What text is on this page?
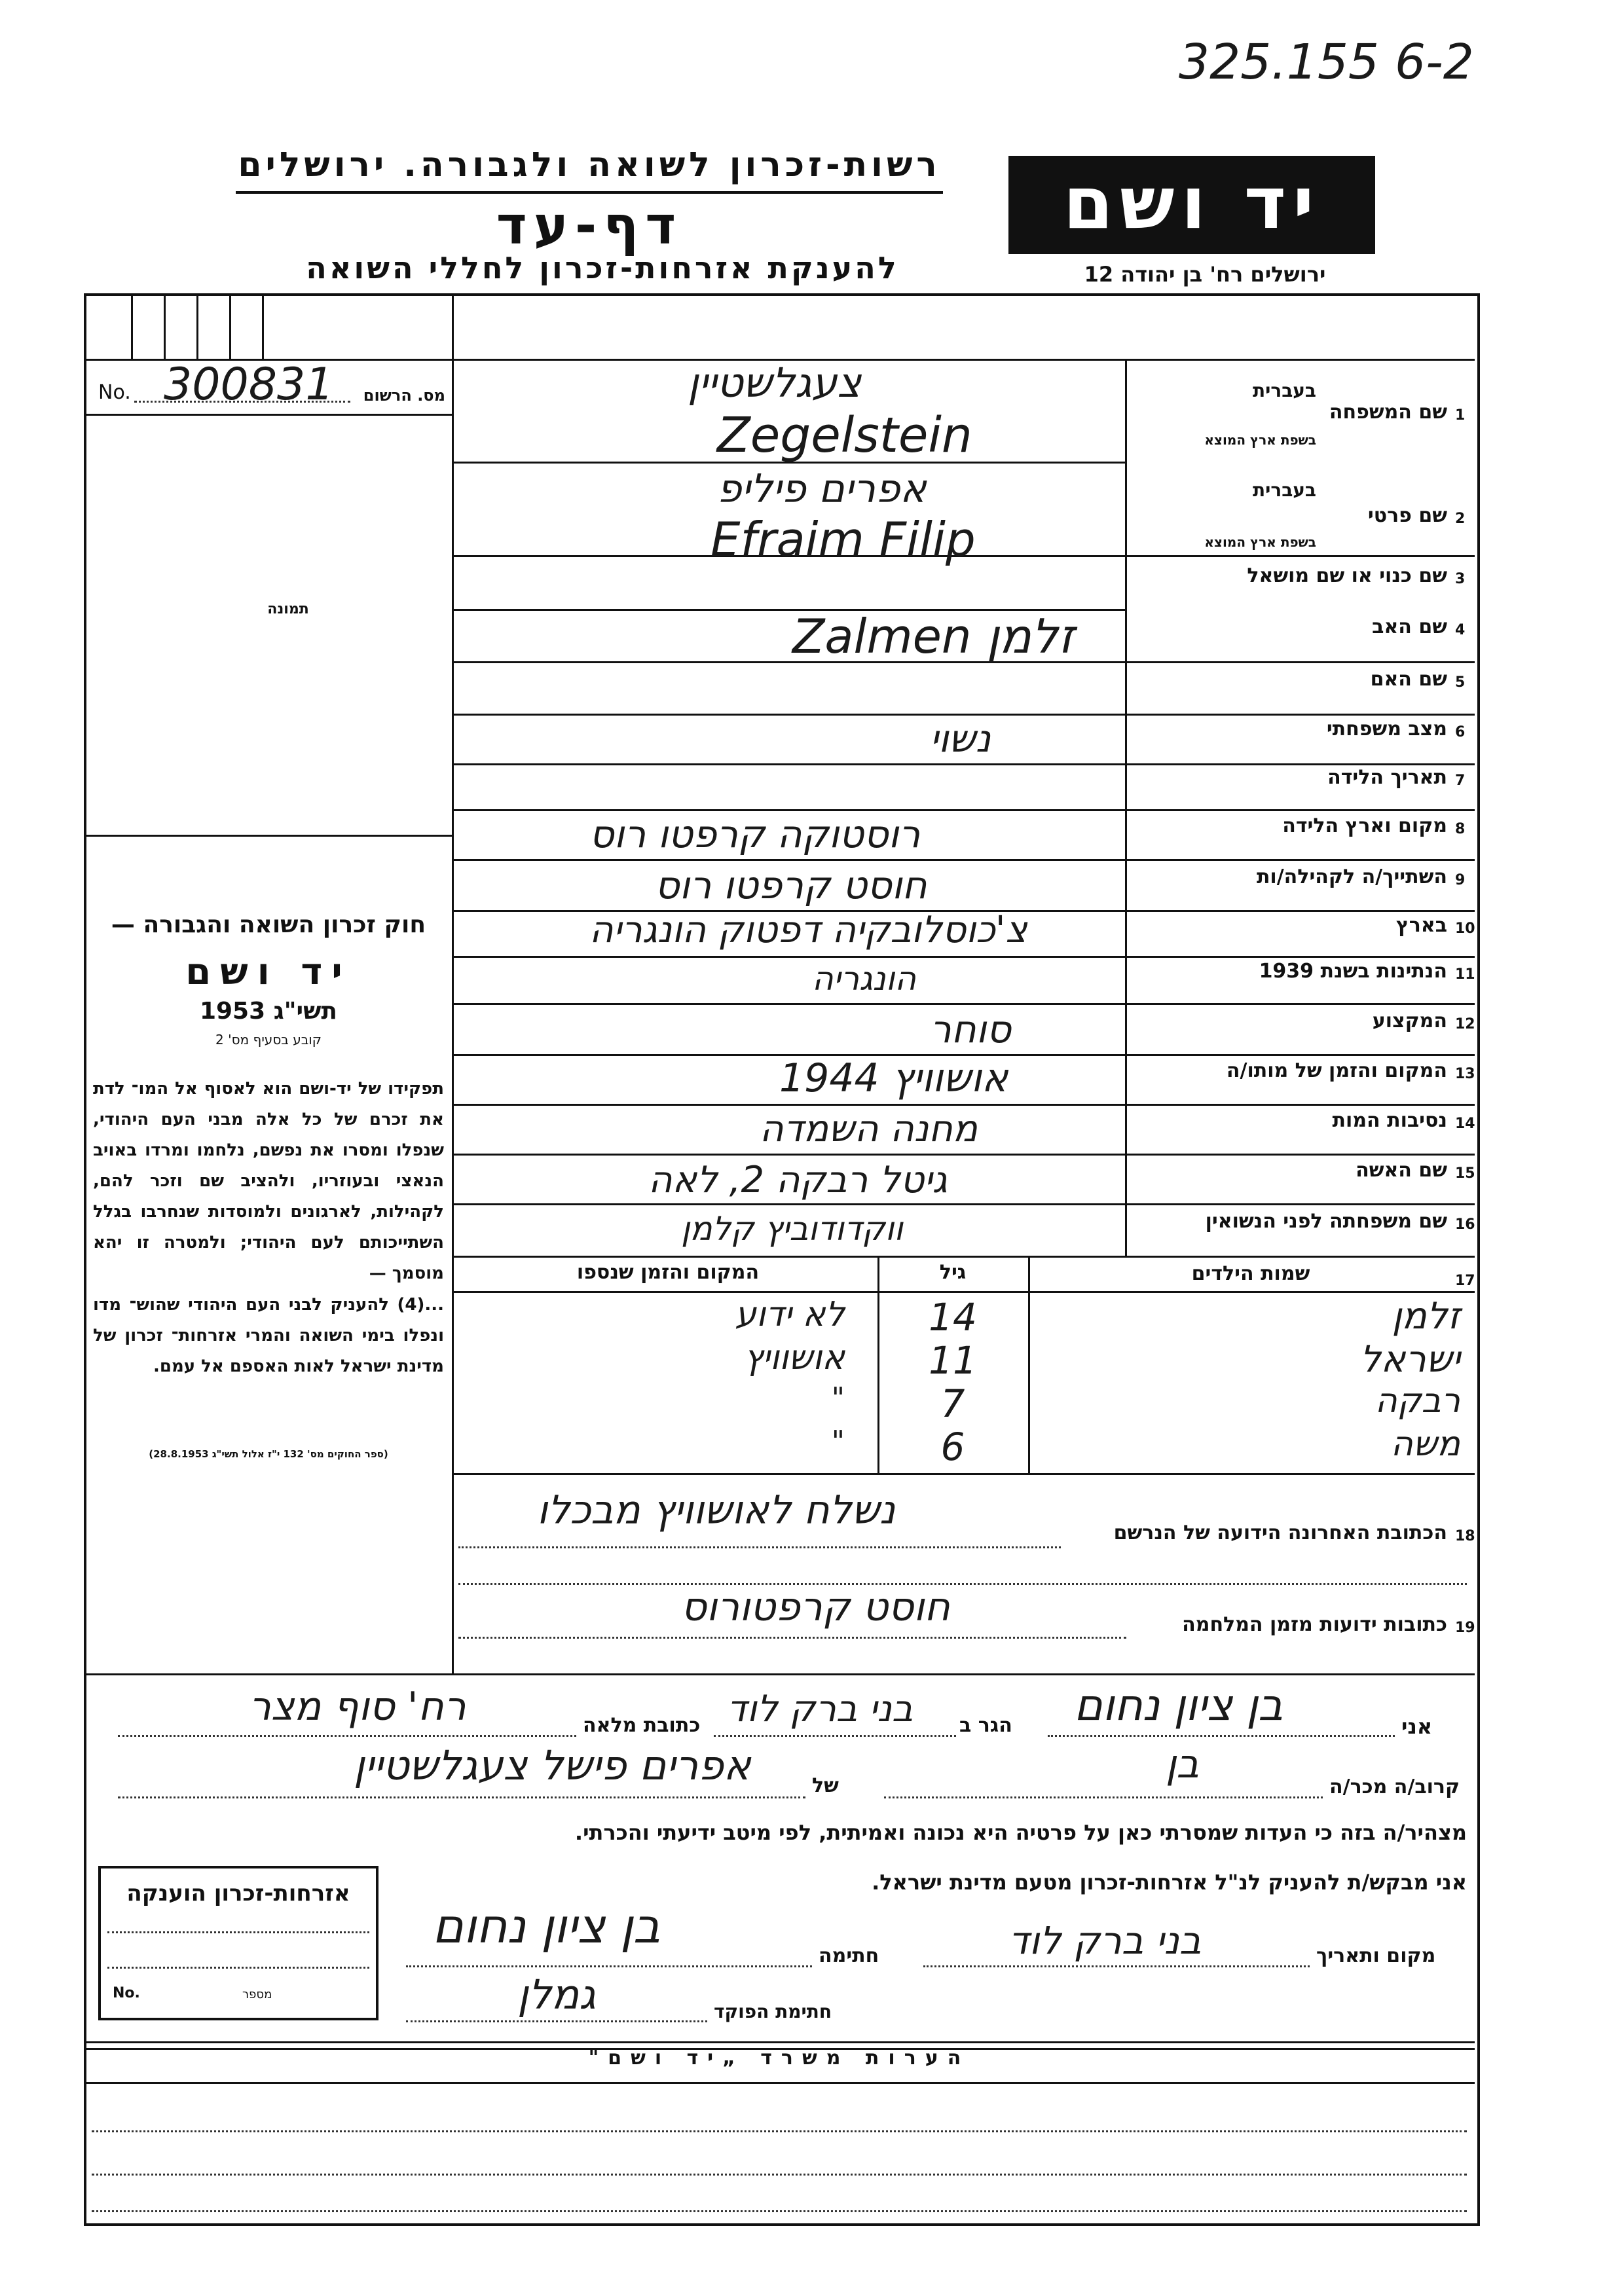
325.155 6-2
רשות-זכרון לשואה ולגבורה. ירושלים
דף-עד
להענקת אזרחות-זכרון לחללי השואה
יד ושם
ירושלים רח' בן יהודה 12
No. 300831	מס. הרשום
תמונה
חוק זכרון השואה והגבורה —
יד ושם
תשי"ג 1953
קובע בסעיף מס' 2
תפקידו של יד-ושם הוא לאסוף אל המו־ לדת את זכרם של כל אלה מבני העם היהודי, שנפלו ומסרו את נפשם, נלחמו ומרדו באויב הנאצי ובעוזריו, ולהציב שם וזכר להם, לקהילות, לארגונים ולמוסדות שנחרבו בגלל השתייכותם לעם היהודי; ולמטרה זו יהא מוסמך —
...(4) להעניק לבני העם היהודי שהוש־ מדו ונפלו בימי השואה והמרי אזרחות־ זכרון של מדינת ישראל לאות האספם אל עמם.
(ספר החוקים מס' 132 י"ז אלול תשי"ג 28.8.1953)
1
שם המשפחה
בעברית
בשפת ארץ המוצא
צעגלשטיין
Zegelstein
2
שם פרטי
בעברית
בשפת ארץ המוצא
אפרים פיליפ
Efraim Filip
3
שם כנוי או שם מושאל
4
שם האב
Zalmen זלמן
5
שם האם
6
מצב משפחתי
נשוי
7
תאריך הלידה
8
מקום וארץ הלידה
רוסטוקה קרפטו רוס
9
השתייך/ה לקהילה/ות
חוסט קרפטו רוס
10
בארץ
צ'כוסלובקיה דפטוק הונגריה
11
הנתינות בשנת 1939
הונגריה
12
המקצוע
סוחר
13
המקום והזמן של מותו/ה
אושוויץ 1944
14
נסיבות המות
מחנה השמדה
15
שם האשה
גיטל רבקה 2, לאה
16
שם משפחתה לפני הנשואין
ווקדודוביץ קלמן
17
שמות הילדים
גיל
המקום והזמן שנספו
זלמן
14
לא ידוע
ישראל
11
אושוויץ
רבקה
7
"
משה
6
"
18
הכתובת האחרונה הידועה של הנרשם
נשלח לאושוויץ מבכלו
19
כתובות ידועות מזמן המלחמה
חוסט קרפטורוס
אני
בן ציון נחום
הגר ב
בני ברק לוד
כתובת מלאה
רח' סוף מצר
קרוב/ה מכר/ה
בן
של
אפרים פישל צעגלשטיין
מצהיר/ה בזה כי העדות שמסרתי כאן על פרטיה היא נכונה ואמיתית, לפי מיטב ידיעתי והכרתי.
אני מבקש/ת להעניק לנ"ל אזרחות-זכרון מטעם מדינת ישראל.
מקום ותאריך
בני ברק לוד
חתימה
בן ציון נחום
חתימת הפוקד
גמלן
אזרחות-זכרון הוענקה
No.	מספר
הערות משרד „יד ושם"
